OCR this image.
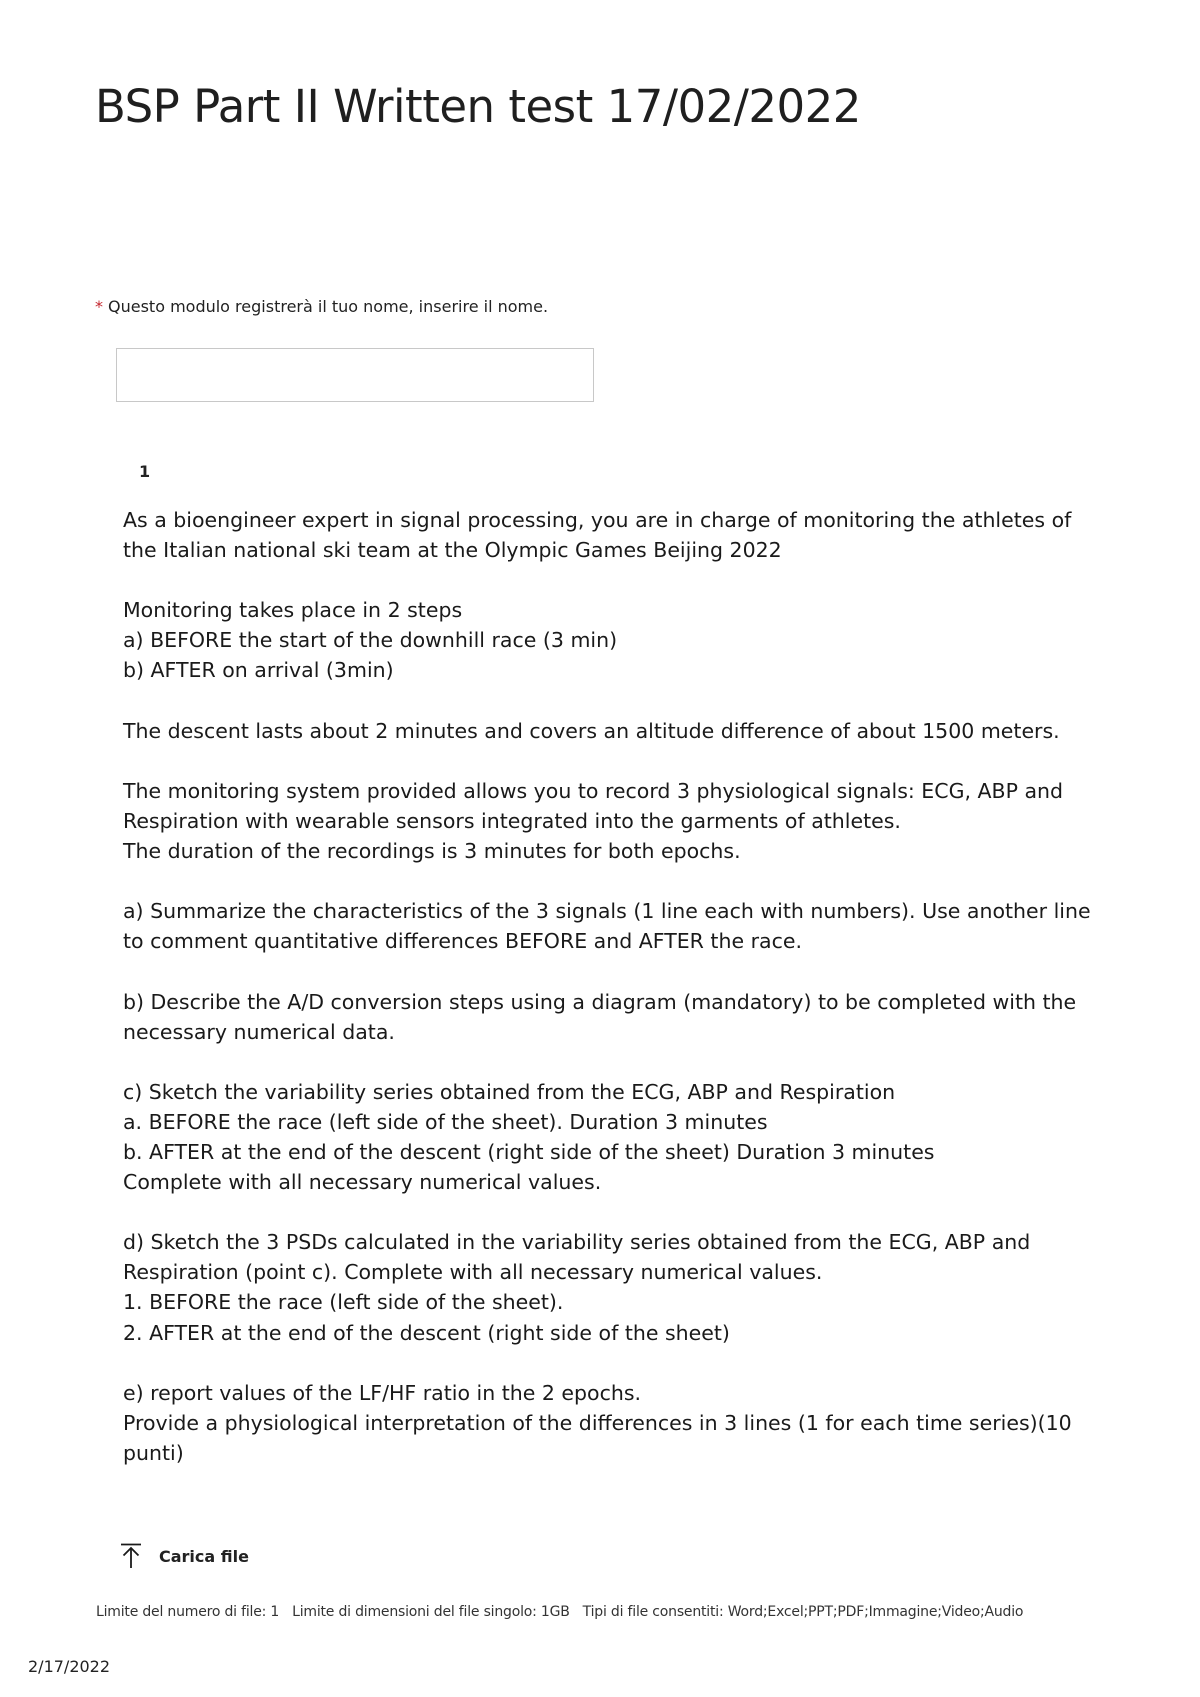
BSP Part II Written test 17/02/2022
* Questo modulo registrerà il tuo nome, inserire il nome.
1

As a bioengineer expert in signal processing, you are in charge of monitoring the athletes of the Italian national ski team at the Olympic Games Beijing 2022

Monitoring takes place in 2 steps

a) BEFORE the start of the downhill race (3 min)

b) AFTER on arrival (3min)

The descent lasts about 2 minutes and covers an altitude difference of about 1500 meters.

The monitoring system provided allows you to record 3 physiological signals: ECG, ABP and Respiration with wearable sensors integrated into the garments of athletes.

The duration of the recordings is 3 minutes for both epochs.

a) Summarize the characteristics of the 3 signals (1 line each with numbers). Use another line to comment quantitative differences BEFORE and AFTER the race.

b) Describe the A/D conversion steps using a diagram (mandatory) to be completed with the necessary numerical data.

c) Sketch the variability series obtained from the ECG, ABP and Respiration

a. BEFORE the race (left side of the sheet). Duration 3 minutes

b. AFTER at the end of the descent (right side of the sheet) Duration 3 minutes

Complete with all necessary numerical values.

d) Sketch the 3 PSDs calculated in the variability series obtained from the ECG, ABP and Respiration (point c). Complete with all necessary numerical values.

1. BEFORE the race (left side of the sheet).

2. AFTER at the end of the descent (right side of the sheet)

e) report values of the LF/HF ratio in the 2 epochs.

Provide a physiological interpretation of the differences in 3 lines (1 for each time series)(10 punti)

Carica file
Limite del numero di file: 1 Limite di dimensioni del file singolo: 1GB Tipi di file consentiti: Word;Excel;PPT;PDF;Immagine;Video;Audio
2/17/2022
